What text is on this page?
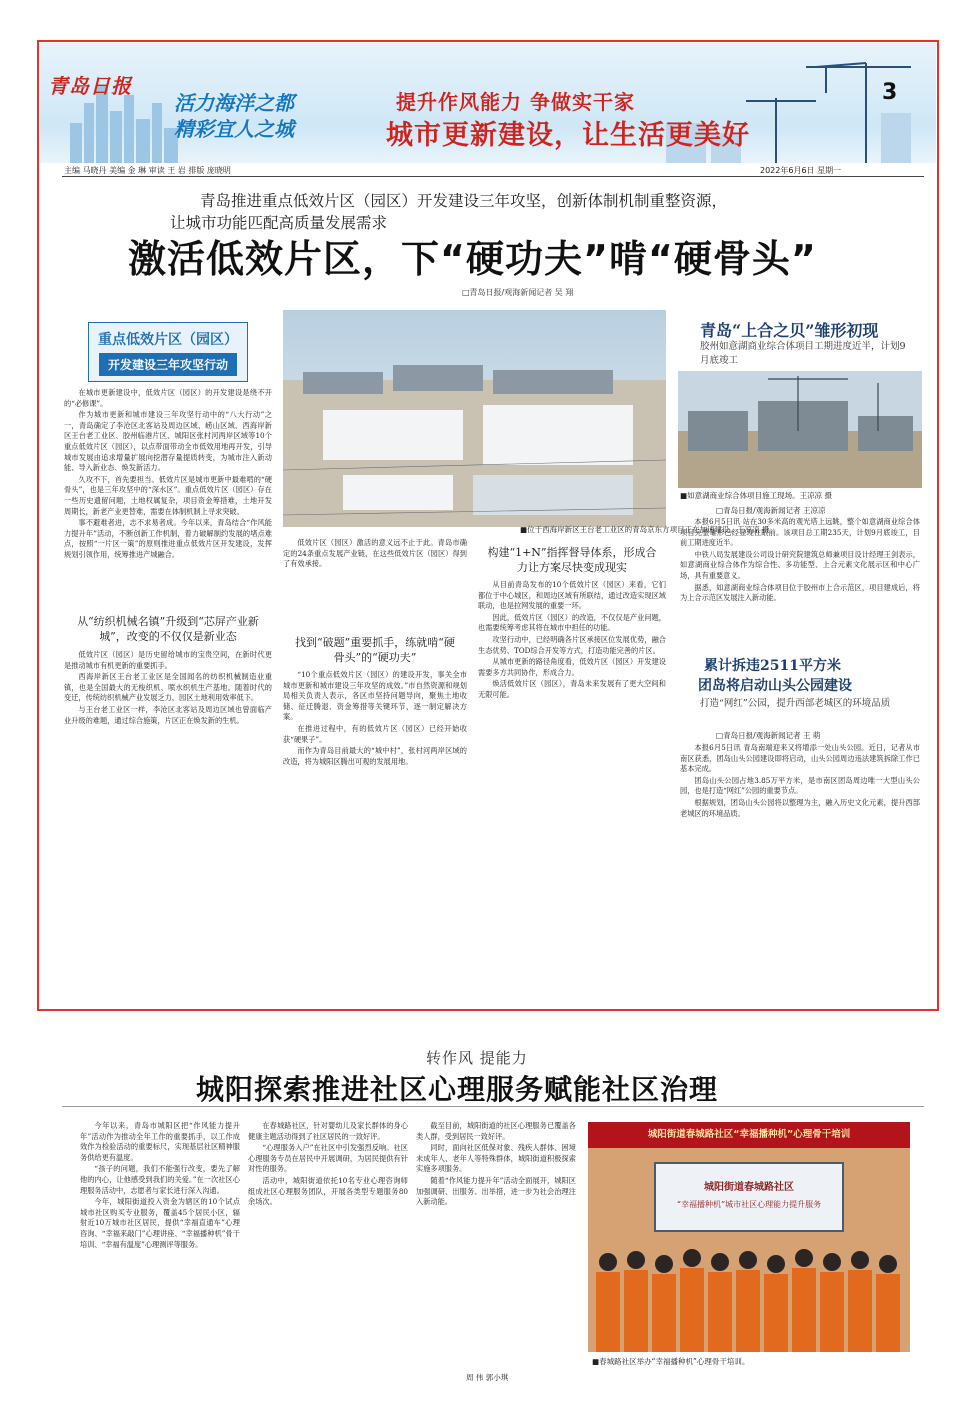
青岛日报
活力海洋之都
精彩宜人之城
提升作风能力 争做实干家
城市更新建设，让生活更美好
3
主编 马晓丹 美编 金 琳 审读 王 岩 排版 庞晓明	2022年6月6日 星期一
青岛推进重点低效片区（园区）开发建设三年攻坚，创新体制机制重整资源，
让城市功能匹配高质量发展需求
激活低效片区，下“硬功夫”啃“硬骨头”
□青岛日报/观海新闻记者 吴 翔
重点低效片区（园区）
开发建设三年攻坚行动

在城市更新建设中，低效片区（园区）的开发建设是绕不开的“必修课”。

作为城市更新和城市建设三年攻坚行动中的“八大行动”之一，青岛确定了李沧区北客站及周边区域、崂山区域、西海岸新区王台老工业区、胶州临港片区、城阳区张村河两岸区域等10个重点低效片区（园区），以点带面带动全市低效用地再开发，引导城市发展由追求增量扩展向挖潜存量提质转变，为城市注入新动能、导入新业态、焕发新活力。

久攻不下，首先要担当。低效片区是城市更新中最难啃的“硬骨头”，也是三年攻坚中的“深水区”。重点低效片区（园区）存在一些历史遗留问题，土地权属复杂，项目资金筹措难，土地开发周期长，新老产业更替难，需要在体制机制上寻求突破。

事不避难者进，志不求易者成。今年以来，青岛结合“作风能力提升年”活动，不断创新工作机制，着力破解制约发展的堵点难点，按照“一片区一策”的原则推进重点低效片区开发建设，发挥规划引领作用，统筹推进产城融合。

从“纺织机械名镇”升级到“芯屏产业新城”，改变的不仅仅是新业态

低效片区（园区）是历史留给城市的宝贵空间，在新时代更是推动城市有机更新的重要抓手。

西海岸新区王台老工业区是全国闻名的纺织机械制造业重镇，也是全国最大的无梭织机、喷水织机生产基地。随着时代的变迁，传统纺织机械产业发展乏力，园区土地利用效率低下。

与王台老工业区一样，李沧区北客站及周边区域也曾面临产业升级的难题，通过综合施策，片区正在焕发新的生机。

■位于西海岸新区王台老工业区的青岛京东方项目正在加速建设。王凉凉 摄

低效片区（园区）激活的意义远不止于此。青岛市确定的24条重点发展产业链，在这些低效片区（园区）得到了有效承接。

找到“破题”重要抓手，练就啃“硬骨头”的“硬功夫”

“10个重点低效片区（园区）的建设开发，事关全市城市更新和城市建设三年攻坚的成效。”市自然资源和规划局相关负责人表示，各区市坚持问题导向，聚焦土地收储、征迁腾退、资金筹措等关键环节，逐一制定解决方案。

在推进过程中，有的低效片区（园区）已经开始收获“硬果子”。

而作为青岛目前最大的“城中村”，张村河两岸区域的改造，将为城阳区腾出可观的发展用地。

构建“1+N”指挥督导体系，形成合力让方案尽快变成现实

从目前青岛发布的10个低效片区（园区）来看，它们都位于中心城区，和周边区域有所联结，通过改造实现区域联动，也是拉网发展的重要一环。

因此，低效片区（园区）的改造，不仅仅是产业问题，也需要统筹考虑其将在城市中担任的功能。

攻坚行动中，已经明确各片区承接区位发展优势，融合生态优势、TOD综合开发等方式，打造功能完善的片区。

从城市更新的路径角度看，低效片区（园区）开发建设需要多方共同协作，形成合力。

焕活低效片区（园区），青岛未来发展有了更大空间和无限可能。

青岛“上合之贝”雏形初现
胶州如意湖商业综合体项目工期进度近半，计划9月底竣工
■如意湖商业综合体项目施工现场。王凉凉 摄
□青岛日报/观海新闻记者 王凉凉

本报6月5日讯 站在30多米高的观光塔上远眺，整个如意湖商业综合体项目完整雏形已经显现在眼前。该项目总工期235天，计划9月底竣工，目前工期进度近半。

中铁八局发展建设公司设计研究院建筑总师兼项目设计经理王剑表示，如意湖商业综合体作为综合性、多功能型、上合元素文化展示区和中心广场，具有重要意义。

据悉，如意湖商业综合体项目位于胶州市上合示范区，项目建成后，将为上合示范区发展注入新动能。

累计拆违2511平方米
团岛将启动山头公园建设
打造“网红”公园，提升西部老城区的环境品质
□青岛日报/观海新闻记者 王 萌

本报6月5日讯 青岛南端迎来又将增添一处山头公园。近日，记者从市南区获悉，团岛山头公园建设即将启动，山头公园周边违法建筑拆除工作已基本完成。

团岛山头公园占地3.85万平方米，是市南区团岛周边唯一大型山头公园，也是打造“网红”公园的重要节点。

根据规划，团岛山头公园将以整理为主，融入历史文化元素，提升西部老城区的环境品质。

转作风 提能力
城阳探索推进社区心理服务赋能社区治理

今年以来，青岛市城阳区把“作风能力提升年”活动作为推动全年工作的重要抓手，以工作成效作为检验活动的重要标尺，实现基层社区精神服务供给更有温度。

“孩子的问题，我们不能强行改变，要先了解他的内心，让他感受到我们的关爱。”在一次社区心理服务活动中，志愿者与家长进行深入沟通。

今年，城阳街道投入资金为辖区的10个试点城市社区购买专业服务，覆盖45个居民小区，辐射近10万城市社区居民，提供“幸福直通车”心理咨询、“幸福来敲门”心理讲座、“幸福播种机”骨干培训、“幸福有温度”心理测评等服务。

在春城路社区，针对婴幼儿及家长群体的身心健康主题活动得到了社区居民的一致好评。

“心理服务入户”在社区中引发强烈反响。社区心理服务专员在居民中开展调研，为居民提供有针对性的服务。

活动中，城阳街道依托10名专业心理咨询师组成社区心理服务团队，开展各类型专题服务80余场次。

截至目前，城阳街道的社区心理服务已覆盖各类人群，受到居民一致好评。

同时，面向社区低保对象、残疾人群体、困境未成年人、老年人等特殊群体，城阳街道积极探索实施多项服务。

随着“作风能力提升年”活动全面展开，城阳区加强调研、出服务、出举措，进一步为社会治理注入新动能。

周 伟 郭小琪
城阳街道春城路社区“幸福播种机”心理骨干培训
城阳街道春城路社区
“幸福播种机”城市社区心理能力提升服务
■春城路社区举办“幸福播种机”心理骨干培训。
